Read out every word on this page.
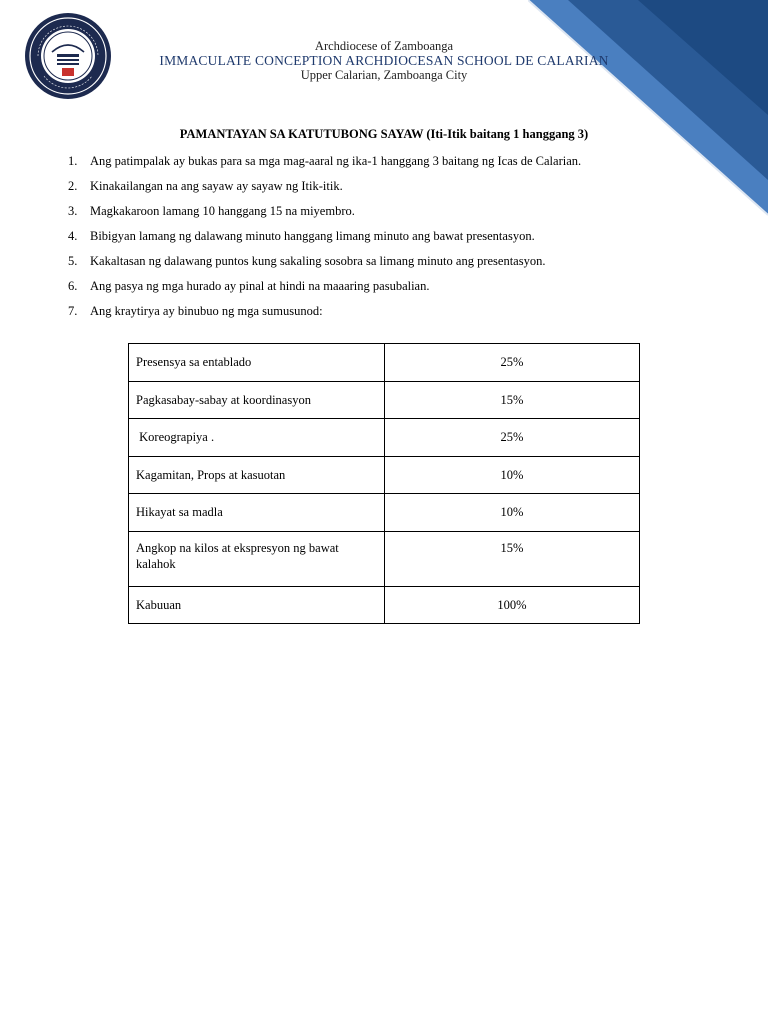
Archdiocese of Zamboanga
IMMACULATE CONCEPTION ARCHDIOCESAN SCHOOL DE CALARIAN
Upper Calarian, Zamboanga City
PAMANTAYAN SA KATUTUBONG SAYAW (Iti-Itik baitang 1 hanggang 3)
1. Ang patimpalak ay bukas para sa mga mag-aaral ng ika-1 hanggang 3 baitang ng Icas de Calarian.
2. Kinakailangan na ang sayaw ay sayaw ng Itik-itik.
3. Magkakaroon lamang 10 hanggang 15 na miyembro.
4. Bibigyan lamang ng dalawang minuto hanggang limang minuto ang bawat presentasyon.
5. Kakaltasan ng dalawang puntos kung sakaling sosobra sa limang minuto ang presentasyon.
6. Ang pasya ng mga hurado ay pinal at hindi na maaaring pasubalian.
7. Ang kraytirya ay binubuo ng mga sumusunod:
Presensya sa entablado	25%

Pagkasabay-sabay at koordinasyon	15%

Koreograpiya .	25%

Kagamitan, Props at kasuotan	10%

Hikayat sa madla	10%

Angkop na kilos at ekspresyon ng bawat kalahok	15%

Kabuuan	100%
